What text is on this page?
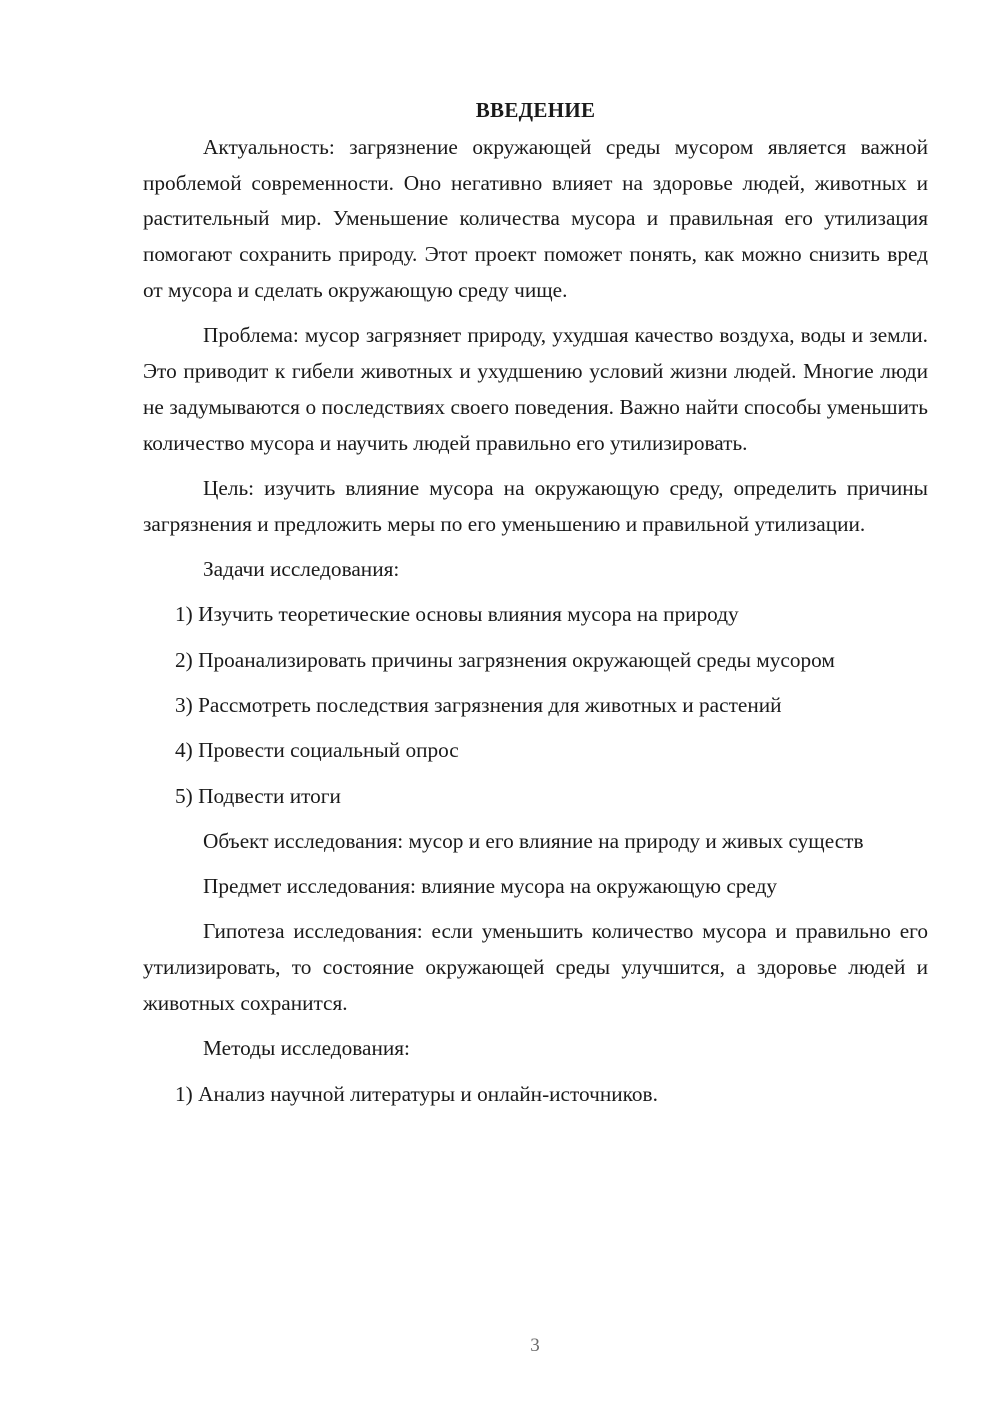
ВВЕДЕНИЕ

Актуальность: загрязнение окружающей среды мусором является важной проблемой современности. Оно негативно влияет на здоровье людей, животных и растительный мир. Уменьшение количества мусора и правильная его утилизация помогают сохранить природу. Этот проект поможет понять, как можно снизить вред от мусора и сделать окружающую среду чище.

Проблема: мусор загрязняет природу, ухудшая качество воздуха, воды и земли. Это приводит к гибели животных и ухудшению условий жизни людей. Многие люди не задумываются о последствиях своего поведения. Важно найти способы уменьшить количество мусора и научить людей правильно его утилизировать.

Цель: изучить влияние мусора на окружающую среду, определить причины загрязнения и предложить меры по его уменьшению и правильной утилизации.

Задачи исследования:

1) Изучить теоретические основы влияния мусора на природу

2) Проанализировать причины загрязнения окружающей среды мусором

3) Рассмотреть последствия загрязнения для животных и растений

4) Провести социальный опрос

5) Подвести итоги

Объект исследования: мусор и его влияние на природу и живых существ

Предмет исследования: влияние мусора на окружающую среду

Гипотеза исследования: если уменьшить количество мусора и правильно его утилизировать, то состояние окружающей среды улучшится, а здоровье людей и животных сохранится.

Методы исследования:

1) Анализ научной литературы и онлайн-источников.

3
